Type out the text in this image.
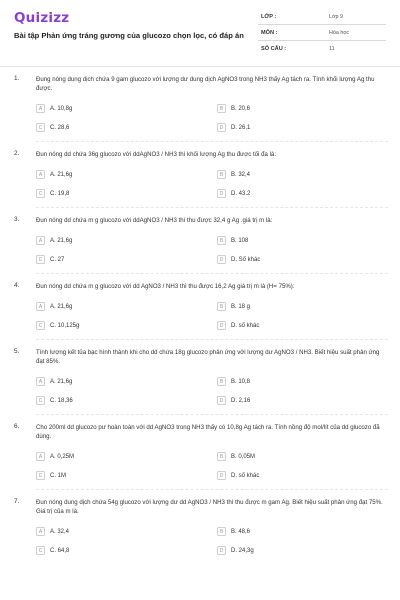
Quizizz
Bài tập Phản ứng tráng gương của glucozo chọn lọc, có đáp án
LỚP :	Lớp 9
MÔN :	Hóa học
SỐ CÂU :	11
1.	Đung nóng dung dịch chứa 9 gam glucozo với lượng dư dung dịch AgNO3 trong NH3 thấy Ag tách ra. Tính khối lượng Ag thu được.
A	A. 10,8g	B	B. 20,6
C	C. 28,6	D	D. 26,1
2.	Đun nóng dd chứa 36g glucozo với ddAgNO3 / NH3 thì khối lượng Ag thu được tối đa là:
A	A. 21,6g	B	B. 32,4
C	C. 19,8	D	D. 43.2
3.	Đun nóng dd chứa m g glucozo với ddAgNO3 / NH3 thì thu được 32,4 g Ag .giá trị m là:
A	A. 21,6g	B	B. 108
C	C. 27	D	D. Số khác
4.	Đun nóng dd chứa m g glucozo với dd AgNO3 / NH3 thì thu được 16,2 Ag giá trị m là (H= 75%):
A	A. 21,6g	B	B. 18 g
C	C. 10,125g	D	D. số khác
5.	Tính lượng kết tủa bạc hình thành khi cho dd chứa 18g glucozo phản ứng với lượng dư AgNO3 / NH3. Biết hiệu suất phản ứng đạt 85%.
A	A. 21,6g	B	B. 10,8
C	C. 18,36	D	D. 2,16
6.	Cho 200ml dd glucozo pư hoàn toàn với dd AgNO3 trong NH3 thấy có 10,8g Ag tách ra. Tính nồng độ mol/lít của dd glucozo đã dùng.
A	A. 0,25M	B	B. 0,05M
C	C. 1M	D	D. số khác
7.	Đun nóng dung dịch chứa 54g glucozo với lượng dư dd AgNO3 / NH3 thì thu được m gam Ag. Biết hiệu suất phản ứng đạt 75%. Giá trị của m là.
A	A. 32,4	B	B. 48,6
C	C. 64,8	D	D. 24,3g
